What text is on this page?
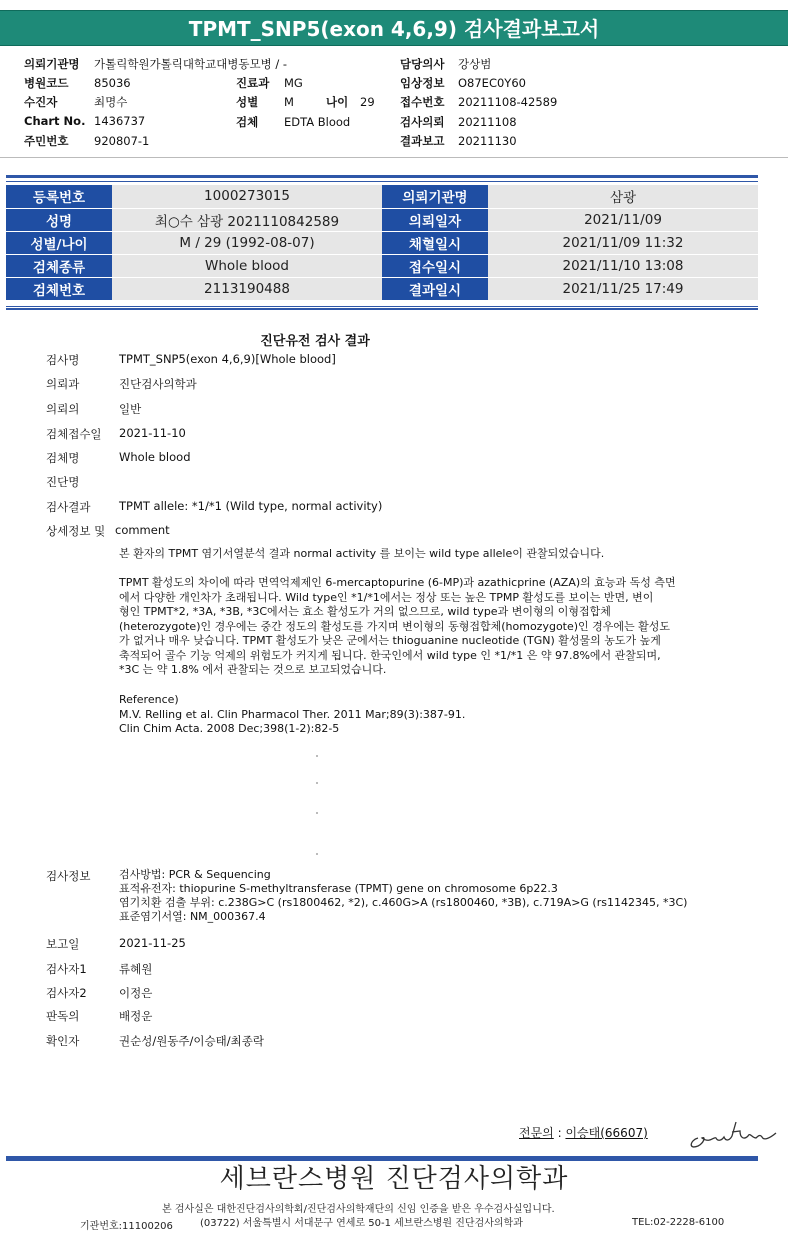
TPMT_SNP5(exon 4,6,9) 검사결과보고서
의뢰기관명 가톨릭학원가톨릭대학교대병동모병 / -
병원코드 85036
수진자	최명수
Chart No. 1436737
주민번호 920807-1
진료과 MG
성별 M	나이 29
검체 EDTA Blood
담당의사 강상범
임상정보 O87EC0Y60
접수번호 20211108-42589
검사의뢰 20211108
결과보고 20211130
등록번호	1000273015	의뢰기관명	삼광
성명	최○수 삼광 2021110842589	의뢰일자	2021/11/09
성별/나이	M / 29 (1992-08-07)	채혈일시	2021/11/09 11:32
검체종류	Whole blood	접수일시	2021/11/10 13:08
검체번호	2113190488	결과일시	2021/11/25 17:49
진단유전 검사 결과
검사명	TPMT_SNP5(exon 4,6,9)[Whole blood]
의뢰과	진단검사의학과
의뢰의	일반
검체접수일 2021-11-10
검체명	Whole blood
진단명
검사결과 TPMT allele: *1/*1 (Wild type, normal activity)
상세정보 및 comment
본 환자의 TPMT 염기서열분석 결과 normal activity 를 보이는 wild type allele이 관찰되었습니다.
TPMT 활성도의 차이에 따라 면역억제제인 6-mercaptopurine (6-MP)과 azathicprine (AZA)의 효능과 독성 측면
에서 다양한 개인차가 초래됩니다. Wild type인 *1/*1에서는 정상 또는 높은 TPMP 활성도를 보이는 반면, 변이
형인 TPMT*2, *3A, *3B, *3C에서는 효소 활성도가 거의 없으므로, wild type과 변이형의 이형접합체
(heterozygote)인 경우에는 중간 정도의 활성도를 가지며 변이형의 동형접합체(homozygote)인 경우에는 활성도
가 없거나 매우 낮습니다. TPMT 활성도가 낮은 군에서는 thioguanine nucleotide (TGN) 활성물의 농도가 높게
축적되어 골수 기능 억제의 위험도가 커지게 됩니다. 한국인에서 wild type 인 *1/*1 은 약 97.8%에서 관찰되며,
*3C 는 약 1.8% 에서 관찰되는 것으로 보고되었습니다.
Reference)
M.V. Relling et al. Clin Pharmacol Ther. 2011 Mar;89(3):387-91.
Clin Chim Acta. 2008 Dec;398(1-2):82-5
검사정보	검사방법: PCR & Sequencing
표적유전자: thiopurine S-methyltransferase (TPMT) gene on chromosome 6p22.3
염기치환 검출 부위: c.238G>C (rs1800462, *2), c.460G>A (rs1800460, *3B), c.719A>G (rs1142345, *3C)
표준염기서열: NM_000367.4
보고일	2021-11-25
검사자1	류혜원
검사자2	이정은
판독의	배정운
확인자	권순성/원동주/이승태/최종락
전문의 : 이승태(66607)
세브란스병원 진단검사의학과
본 검사실은 대한진단검사의학회/진단검사의학재단의 신임 인증을 받은 우수검사실입니다.
기관번호:11100206	(03722) 서울특별시 서대문구 연세로 50-1 세브란스병원 진단검사의학과	TEL:02-2228-6100
